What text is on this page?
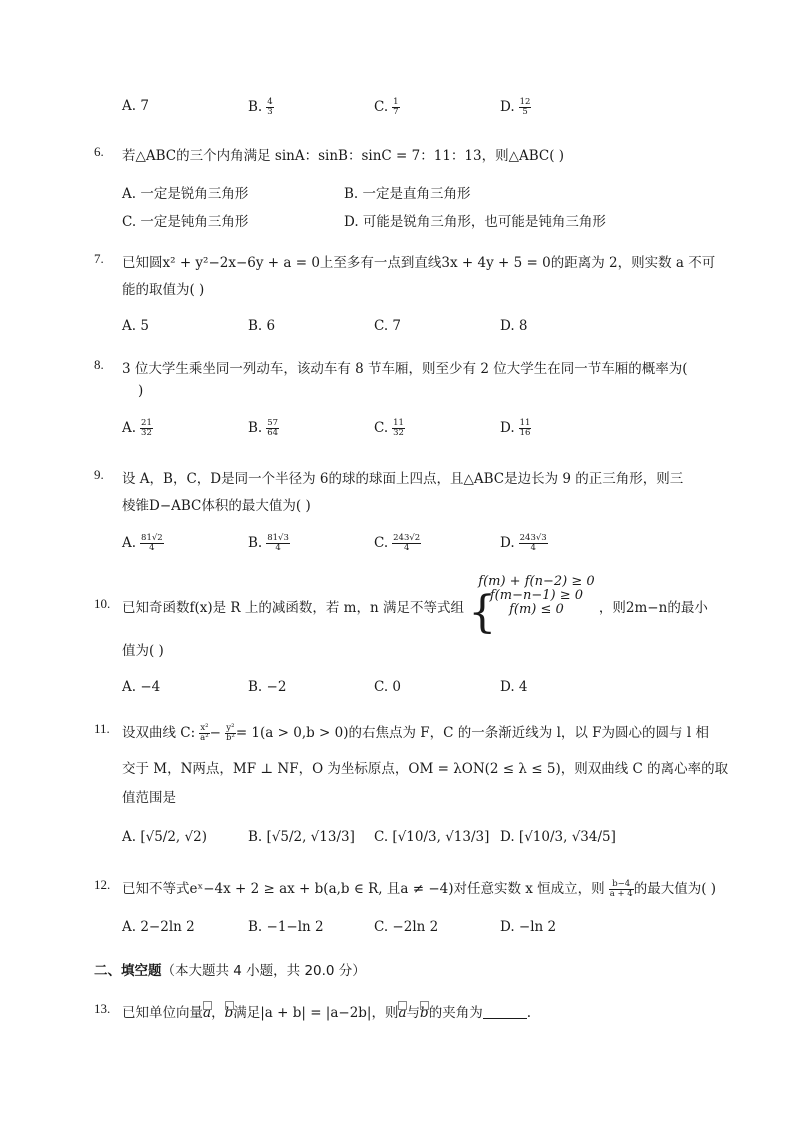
A. 7	B. $\frac{4}{3}$	C. $\frac{1}{7}$	D. $\frac{12}{5}$
6. 若△ABC的三个内角满足 sinA：sinB：sinC = 7：11：13，则△ABC( )
A. 一定是锐角三角形	B. 一定是直角三角形
C. 一定是钝角三角形	D. 可能是锐角三角形，也可能是钝角三角形
7. 已知圆x² + y²−2x−6y + a = 0上至多有一点到直线3x + 4y + 5 = 0的距离为 2，则实数 a 不可
能的取值为( )
A. 5	B. 6	C. 7	D. 8
8. 3 位大学生乘坐同一列动车，该动车有 8 节车厢，则至少有 2 位大学生在同一节车厢的概率为(
)
A. $\frac{21}{32}$	B. $\frac{57}{64}$	C. $\frac{11}{32}$	D. $\frac{11}{16}$
9. 设 A，B，C，D是同一个半径为 6的球的球面上四点，且△ABC是边长为 9 的正三角形，则三
棱锥D−ABC体积的最大值为( )
A. $\frac{81√2}{4}$	B. $\frac{81√3}{4}$	C. $\frac{243√2}{4}$	D. $\frac{243√3}{4}$
10. 已知奇函数f(x)是 R 上的减函数，若 m，n 满足不等式组 {
f(m) + f(n−2) ≥ 0
f(m−n−1) ≥ 0
f(m) ≤ 0	，则2m−n的最小
值为( )
A. −4	B. −2	C. 0	D. 4
11. 设双曲线 C: $\frac{\text{x²}}{\text{a²}} - \frac{\text{y²}}{\text{b²}} = 1(a > 0,b > 0)$的右焦点为 F，C 的一条渐近线为 l，以 F为圆心的圆与 l 相
交于 M，N两点，MF ⊥ NF，O 为坐标原点，OM = λON(2 ≤ λ ≤ 5)，则双曲线 C 的离心率的取
值范围是
A. [√5/2, √2)	B. [√5/2, √13/3] C. [√10/3, √13/3] D. [√10/3, √34/5]
12. 已知不等式eˣ−4x + 2 ≥ ax + b(a,b ∈ R, 且a ≠ −4)对任意实数 x 恒成立，则 $\frac{b-4}{a + 4}$ 的最大值为( )
A. 2−2ln 2	B. −1−ln 2	C. −2ln 2	D. −ln 2
二、填空题（本大题共 4 小题，共 20.0 分）
13. 已知单位向量a，b满足|a + b| = |a−2b|，则a与b的夹角为	.
